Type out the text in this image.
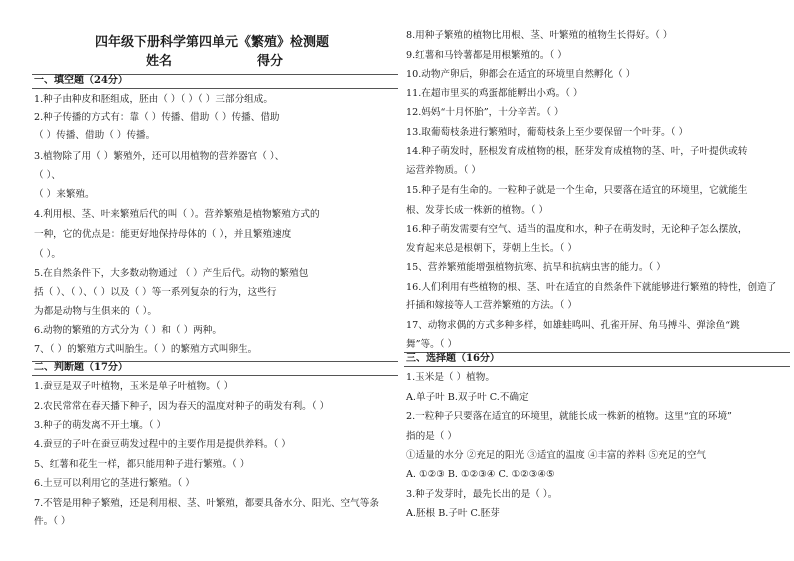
四年级下册科学第四单元《繁殖》检测题
姓名	得分
一、填空题（24分）
1.种子由种皮和胚组成，胚由（ ）（ ）（ ）三部分组成。
2.种子传播的方式有：靠（ ）传播、借助（ ）传播、借助
（ ）传播、借助（ ）传播。
3.植物除了用（ ）繁殖外，还可以用植物的营养器官（ ）、
（ ）、
（ ）来繁殖。
4.利用根、茎、叶来繁殖后代的叫（ ）。营养繁殖是植物繁殖方式的
一种，它的优点是：能更好地保持母体的（ ），并且繁殖速度
（ ）。
5.在自然条件下，大多数动物通过 （ ）产生后代。动物的繁殖包
括（ ）、（ ）、（ ）以及（ ）等一系列复杂的行为，这些行
为都是动物与生俱来的（ ）。
6.动物的繁殖的方式分为（ ）和（ ）两种。
7、（ ）的繁殖方式叫胎生。（ ）的繁殖方式叫卵生。
二、判断题（17分）
1.蚕豆是双子叶植物，玉米是单子叶植物。（ ）
2.农民常常在春天播下种子，因为春天的温度对种子的萌发有利。（ ）
3.种子的萌发离不开土壤。（ ）
4.蚕豆的子叶在蚕豆萌发过程中的主要作用是提供养料。（ ）
5、红薯和花生一样，都只能用种子进行繁殖。（ ）
6.土豆可以利用它的茎进行繁殖。（ ）
7.不管是用种子繁殖，还是利用根、茎、叶繁殖，都要具备水分、阳光、空气等条
件。（ ）
8.用种子繁殖的植物比用根、茎、叶繁殖的植物生长得好。（ ）
9.红薯和马铃薯都是用根繁殖的。（ ）
10.动物产卵后，卵都会在适宜的环境里自然孵化（ ）
11.在超市里买的鸡蛋都能孵出小鸡。（ ）
12.妈妈“十月怀胎”，十分辛苦。（ ）
13.取葡萄枝条进行繁殖时，葡萄枝条上至少要保留一个叶芽。（ ）
14.种子萌发时，胚根发育成植物的根，胚芽发育成植物的茎、叶，子叶提供或转
运营养物质。（ ）
15.种子是有生命的。一粒种子就是一个生命，只要落在适宜的环境里，它就能生
根、发芽长成一株新的植物。（ ）
16.种子萌发需要有空气、适当的温度和水，种子在萌发时，无论种子怎么摆放，
发育起来总是根朝下，芽朝上生长。（ ）
15、营养繁殖能增强植物抗寒、抗旱和抗病虫害的能力。（ ）
16.人们利用有些植物的根、茎、叶在适宜的自然条件下就能够进行繁殖的特性，创造了
扦插和嫁接等人工营养繁殖的方法。（ ）
17、动物求偶的方式多种多样，如雄蛙鸣叫、孔雀开屏、角马搏斗、弹涂鱼“跳
舞”等。（ ）
三、选择题（16分）
1.玉米是（ ）植物。
A.单子叶 B.双子叶 C.不确定
2.一粒种子只要落在适宜的环境里，就能长成一株新的植物。这里“宜的环境”
指的是（ ）
①适量的水分 ②充足的阳光 ③适宜的温度 ④丰富的养料 ⑤充足的空气
A. ①②③ B. ①②③④ C. ①②③④⑤
3.种子发芽时，最先长出的是（ ）。
A.胚根 B.子叶 C.胚芽
